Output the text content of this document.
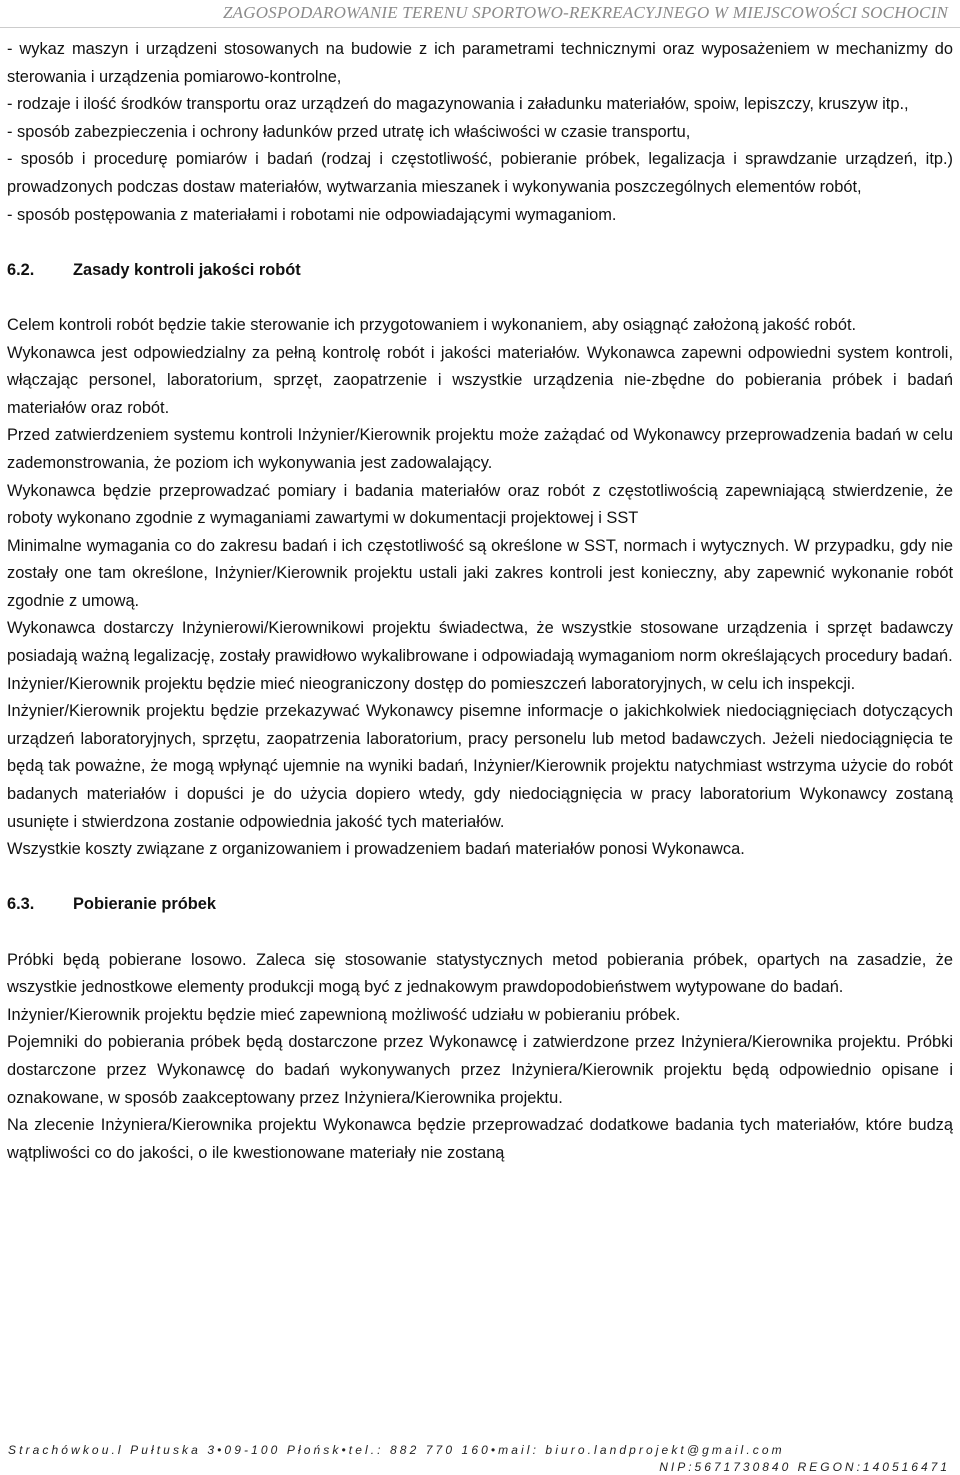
ZAGOSPODAROWANIE TERENU SPORTOWO-REKREACYJNEGO W MIEJSCOWOŚCI SOCHOCIN

- wykaz maszyn i urządzeni stosowanych na budowie z ich parametrami technicznymi oraz wyposażeniem w mechanizmy do sterowania i urządzenia pomiarowo-kontrolne,

- rodzaje i ilość środków transportu oraz urządzeń do magazynowania i załadunku materiałów, spoiw, lepiszczy, kruszyw itp.,

- sposób zabezpieczenia i ochrony ładunków przed utratę ich właściwości w czasie transportu,

- sposób i procedurę pomiarów i badań (rodzaj i częstotliwość, pobieranie próbek, legalizacja i sprawdzanie urządzeń, itp.) prowadzonych podczas dostaw materiałów, wytwarzania mieszanek i wykonywania poszczególnych elementów robót,

- sposób postępowania z materiałami i robotami nie odpowiadającymi wymaganiom.

6.2.	Zasady kontroli jakości robót

Celem kontroli robót będzie takie sterowanie ich przygotowaniem i wykonaniem, aby osiągnąć założoną jakość robót.

Wykonawca jest odpowiedzialny za pełną kontrolę robót i jakości materiałów. Wykonawca zapewni odpowiedni system kontroli, włączając personel, laboratorium, sprzęt, zaopatrzenie i wszystkie urządzenia nie-zbędne do pobierania próbek i badań materiałów oraz robót.

Przed zatwierdzeniem systemu kontroli Inżynier/Kierownik projektu może zażądać od Wykonawcy przeprowadzenia badań w celu zademonstrowania, że poziom ich wykonywania jest zadowalający.

Wykonawca będzie przeprowadzać pomiary i badania materiałów oraz robót z częstotliwością zapewniającą stwierdzenie, że roboty wykonano zgodnie z wymaganiami zawartymi w dokumentacji projektowej i SST

Minimalne wymagania co do zakresu badań i ich częstotliwość są określone w SST, normach i wytycznych. W przypadku, gdy nie zostały one tam określone, Inżynier/Kierownik projektu ustali jaki zakres kontroli jest konieczny, aby zapewnić wykonanie robót zgodnie z umową.

Wykonawca dostarczy Inżynierowi/Kierownikowi projektu świadectwa, że wszystkie stosowane urządzenia i sprzęt badawczy posiadają ważną legalizację, zostały prawidłowo wykalibrowane i odpowiadają wymaganiom norm określających procedury badań.

Inżynier/Kierownik projektu będzie mieć nieograniczony dostęp do pomieszczeń laboratoryjnych, w celu ich inspekcji.

Inżynier/Kierownik projektu będzie przekazywać Wykonawcy pisemne informacje o jakichkolwiek niedociągnięciach dotyczących urządzeń laboratoryjnych, sprzętu, zaopatrzenia laboratorium, pracy personelu lub metod badawczych. Jeżeli niedociągnięcia te będą tak poważne, że mogą wpłynąć ujemnie na wyniki badań, Inżynier/Kierownik projektu natychmiast wstrzyma użycie do robót badanych materiałów i dopuści je do użycia dopiero wtedy, gdy niedociągnięcia w pracy laboratorium Wykonawcy zostaną usunięte i stwierdzona zostanie odpowiednia jakość tych materiałów.

Wszystkie koszty związane z organizowaniem i prowadzeniem badań materiałów ponosi Wykonawca.

6.3.	Pobieranie próbek

Próbki będą pobierane losowo. Zaleca się stosowanie statystycznych metod pobierania próbek, opartych na zasadzie, że wszystkie jednostkowe elementy produkcji mogą być z jednakowym prawdopodobieństwem wytypowane do badań.

Inżynier/Kierownik projektu będzie mieć zapewnioną możliwość udziału w pobieraniu próbek.

Pojemniki do pobierania próbek będą dostarczone przez Wykonawcę i zatwierdzone przez Inżyniera/Kierownika projektu. Próbki dostarczone przez Wykonawcę do badań wykonywanych przez Inżyniera/Kierownik projektu będą odpowiednio opisane i oznakowane, w sposób zaakceptowany przez Inżyniera/Kierownika projektu.

Na zlecenie Inżyniera/Kierownika projektu Wykonawca będzie przeprowadzać dodatkowe badania tych materiałów, które budzą wątpliwości co do jakości, o ile kwestionowane materiały nie zostaną

Strachówkou.l Pułtuska 3•09-100 Płońsk•tel.: 882 770 160•mail: biuro.landprojekt@gmail.com
NIP:5671730840 REGON:140516471
